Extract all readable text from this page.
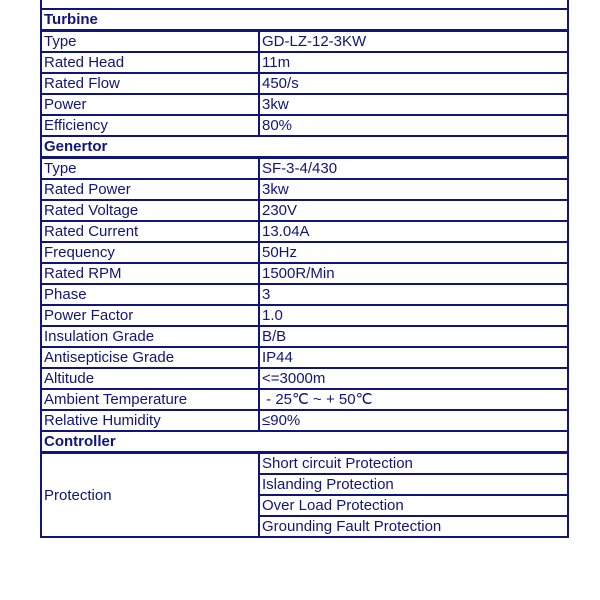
Turbine	
Type	GD-LZ-12-3KW
Rated Head	11m
Rated Flow	450/s
Power	3kw
Efficiency	80%
Genertor	
Type	SF-3-4/430
Rated Power	3kw
Rated Voltage	230V
Rated Current	13.04A
Frequency	50Hz
Rated RPM	1500R/Min
Phase	3
Power Factor	1.0
Insulation Grade	B/B
Antisepticise Grade	IP44
Altitude	<=3000m
Ambient Temperature	- 25℃ ~ + 50℃
Relative Humidity	≤90%
Controller	
Protection	Short circuit Protection
	Islanding Protection
	Over Load Protection
	Grounding Fault Protection
